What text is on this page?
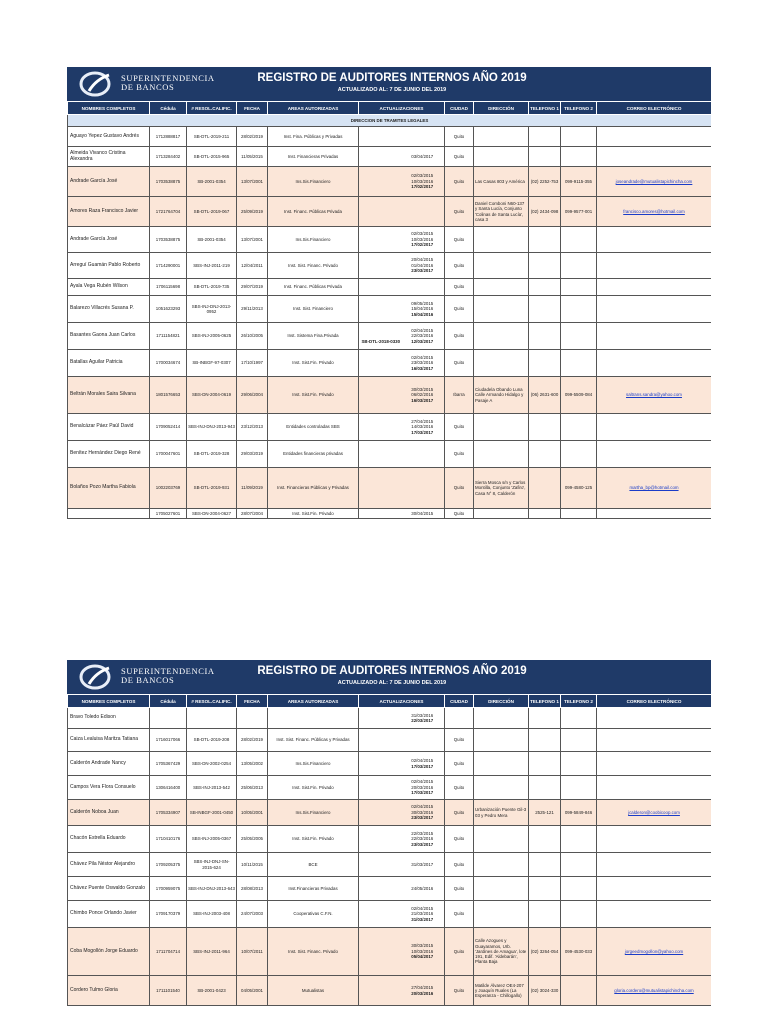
SUPERINTENDENCIA
DE BANCOS
REGISTRO DE AUDITORES INTERNOS AÑO 2019
ACTUALIZADO AL: 7 DE JUNIO DEL 2019
NOMBRES COMPLETOS	Cédula	# RESOL.CALIFIC.	FECHA	AREAS AUTORIZADAS	ACTUALIZACIONES	CIUDAD	DIRECCIÓN	TELEFONO 1	TELEFONO 2	CORREO ELECTRÓNICO
DIRECCION DE TRAMITES LEGALES										
Aguayo Yepez Gustavo Andrés	1712888817	SB-DTL-2019-211	28/02/2019	Inst. Fina. Públicas y Privadas		Quito				
Almeida Vivanco Cristina Alexandra	1713284402	SB-DTL-2015-965	11/05/2015	Inst. Financieras Privadas	03/04/2017	Quito				
Andrade García José	1703538875	SB-2001-0354	13/07/2001	Ins.Sis.Financiero	02/03/2015
10/03/2016
17/02/2017	Quito	Las Casas 803 y América	(02) 2252-753	099-9115-355	joseandrade@mutualistapichincha.com
Amores Raza Francisco Javier	1721764704	SB-DTL-2019-067	25/09/2019	Inst. Financ. Públicas Privada		Quito	Daniel Comboni N60-137 y Santa Lucía, Conjunto 'Colinas de Santa Lucía', casa 3	(02) 2434-098	099-9577-001	francisco.amores@hotmail.com
Andrade García José	1703538875	SB-2001-0354	13/07/2001	Ins.Sis.Financiero	02/03/2015
10/03/2016
17/02/2017	Quito				
Arreguí Guamán Pablo Roberto	1714290001	SBS-INJ-2011-219	12/04/2011	Inst. Sist. Financ. Privado	20/04/2015
01/04/2016
23/03/2017	Quito				
Ayala Vega Rubén Wilson	1706115698	SB-DTL-2019-735	29/07/2019	Inst. Financ. Públicas Privada		Quito				
Balarezo Villacrés Susana P.	1051623293	SBS-INJ-DNJ-2013-0952	29/11/2013	Inst. Sist. Financiero	09/05/2015
15/04/2016
15/04/2016	Quito				
Basantes Gaona Juan Carlos	1711154821	SBS-INJ-2005-0625	26/10/2005	Inst. Sistema Fina.Privada	SB-DTL-2018-0330
02/04/2015
22/03/2016
12/03/2017	Quito				
Batallas Aguilar Patricia	1700034674	SB-INBGF-97-0307	17/10/1997	Inst. Sist.Fin. Privado	02/04/2015
23/03/2016
16/03/2017	Quito				
Beltrán Morales Saira Silvana	1801576653	SBS-DN-2004-0619	29/06/2004	Inst. Sist.Fin. Privado	30/03/2015
06/02/2016
16/03/2017	Ibarra	Ciudadela Obando Luna Calle Armando Hidalgo y Pasaje A	(06) 2631-600	099-5509-084	saltrans.sandra@yahoo.com
Benalcázar Páez Paúl David	1709052414	SBS-INJ-DNJ-2013-943	23/12/2013	Entidades controladas SBS	27/04/2015
14/03/2016
17/03/2017	Quito				
Benítez Hernández Diego René	1700047601	SB-DTL-2019-328	29/03/2019	Entidades financieras privadas		Quito				
Bolaños Pozo Martha Fabiola	1002203769	SB-DTL-2019-931	11/09/2019	Inst. Financieras Públicas y Privadas		Quito	Sierra Mosca s/n y Carlos Montilla, Conjunto 'Zafiro', Casa N° 8, Calderón		099-4580-125	martha_bp@hotmail.com
	1705027601	SBS-DN-2004-0627	28/07/2004	Inst. Sist.Fin. Privado	30/04/2015	Quito				
SUPERINTENDENCIA
DE BANCOS
REGISTRO DE AUDITORES INTERNOS AÑO 2019
ACTUALIZADO AL: 7 DE JUNIO DEL 2019
NOMBRES COMPLETOS	Cédula	# RESOL.CALIFIC.	FECHA	AREAS AUTORIZADAS	ACTUALIZACIONES	CIUDAD	DIRECCIÓN	TELEFONO 1	TELEFONO 2	CORREO ELECTRÓNICO
Bravo Toledo Edison					31/03/2016
22/03/2017					

Caiza Lealuisa Maritza Tatiana	1716017066	SB-DTL-2019-208	28/02/2019	Inst. Sist. Financ. Públicas y Privadas		Quito				
Calderón Andrade Nancy	1705367429	SBS-DN-2002-0254	13/05/2002	Ins.Sis.Financiero	02/04/2015
17/03/2017	Quito				
Campos Vera Flora Consuelo	1306416400	SBS-INJ-2013-542	25/06/2013	Inst. Sist.Fin. Privado	02/04/2015
20/03/2016
17/03/2017	Quito				
Calderón Noboa Juan	1705334907	SB-INBGF-2001-0450	10/05/2001	Ins.Sis.Financiero	02/04/2015
30/03/2016
23/03/2017	Quito	Urbanización Puente Gil-3 03 y Pedro Mera	2525-121	099-5849-846	jcalderon@coobicoop.com
Chacón Estrella Eduardo	1710410176	SBS-INJ-2005-0367	25/05/2005	Inst. Sist.Fin. Privado	22/03/2015
22/03/2016
23/03/2017	Quito				
Chávez Pila Néstor Alejandro	1709205375	SBS-INJ-DNJ-SN-2015-624	10/11/2015	BCE	31/03/2017	Quito				
Chávez Puente Oswaldo Gonzalo	1700959075	SBS-INJ-DNJ-2013-643	28/08/2013	Inst.Financieras Privadas	24/05/2016	Quito				
Chimbo Ponce Orlando Javier	1709170379	SBS-INJ-2003-408	24/07/2003	Cooperativas C.F.N.	02/04/2015
21/03/2016
31/03/2017	Quito				
Coba Mogollón Jorge Eduardo	1711704714	SBS-INJ-2011-964	10/07/2011	Inst. Sist. Financ. Privado	30/03/2015
10/03/2016
05/04/2017	Quito	Calle Azogues y Guayaramos, Urb. 'Jardines de Amagua', lote 191, Edif. 'Aldebarán', Planta Baja	(02) 3264-054	099-4530-033	jorgeedmogollon@yahoo.com
Cordero Tulmo Gloria	1711101540	SB-2001-0423	04/05/2001	Mutualistas	27/04/2015
20/03/2016	Quito	Matilde Álvarez OE4-207 y Joaquín Ruales (La Esperanza - Chillogallo)	(02) 3024-330		gloria.cordero@mutualistapichincha.com
